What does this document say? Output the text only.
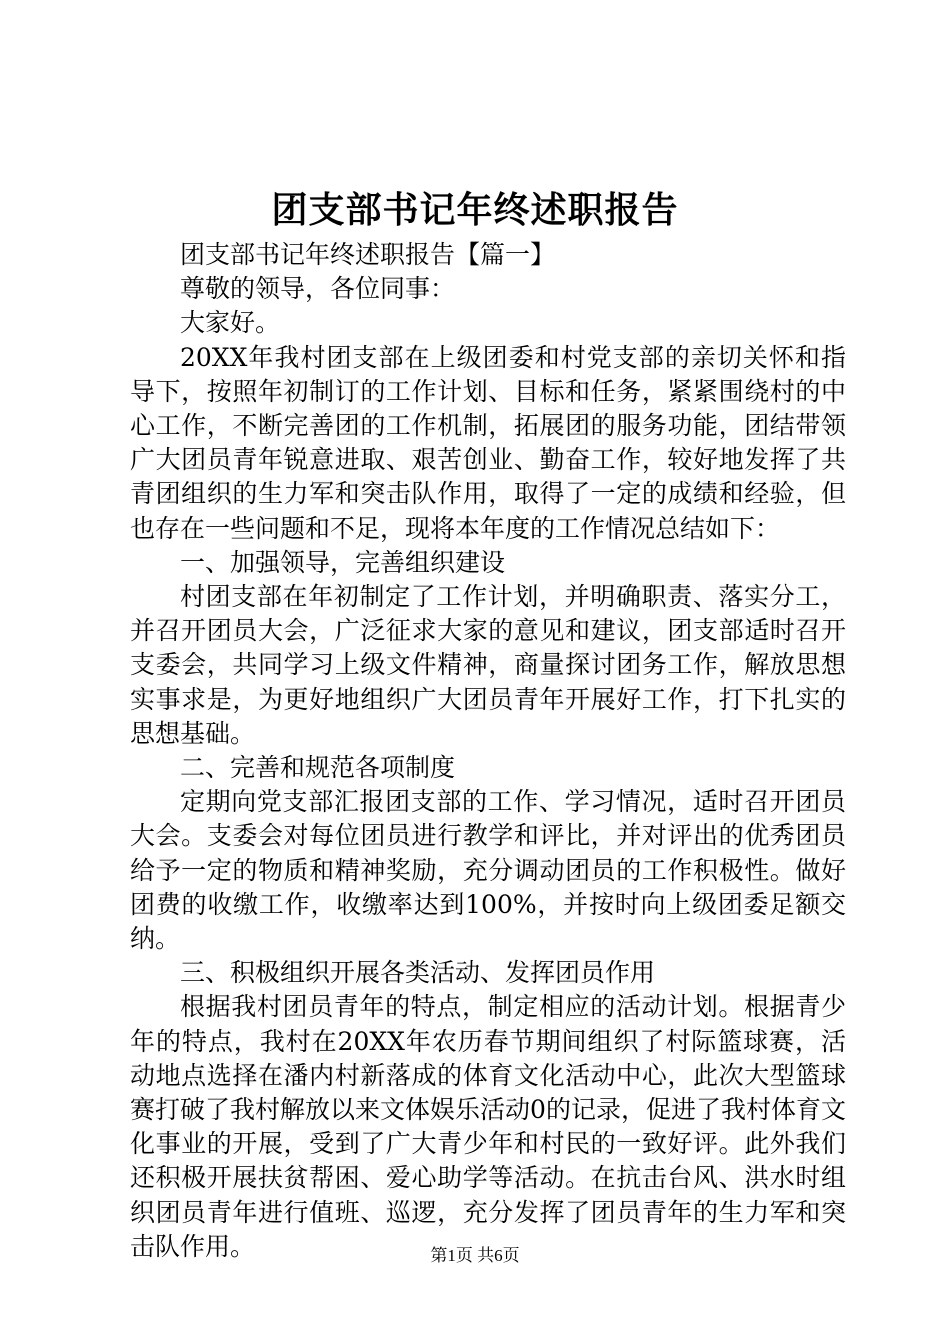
团支部书记年终述职报告

团支部书记年终述职报告【篇一】

尊敬的领导，各位同事：

大家好。

20XX年我村团支部在上级团委和村党支部的亲切关怀和指导下，按照年初制订的工作计划、目标和任务，紧紧围绕村的中心工作，不断完善团的工作机制，拓展团的服务功能，团结带领广大团员青年锐意进取、艰苦创业、勤奋工作，较好地发挥了共青团组织的生力军和突击队作用，取得了一定的成绩和经验，但也存在一些问题和不足，现将本年度的工作情况总结如下：

一、加强领导，完善组织建设

村团支部在年初制定了工作计划，并明确职责、落实分工，并召开团员大会，广泛征求大家的意见和建议，团支部适时召开支委会，共同学习上级文件精神，商量探讨团务工作，解放思想实事求是，为更好地组织广大团员青年开展好工作，打下扎实的思想基础。

二、完善和规范各项制度

定期向党支部汇报团支部的工作、学习情况，适时召开团员大会。支委会对每位团员进行教学和评比，并对评出的优秀团员给予一定的物质和精神奖励，充分调动团员的工作积极性。做好团费的收缴工作，收缴率达到100%，并按时向上级团委足额交纳。

三、积极组织开展各类活动、发挥团员作用

根据我村团员青年的特点，制定相应的活动计划。根据青少年的特点，我村在20XX年农历春节期间组织了村际篮球赛，活动地点选择在潘内村新落成的体育文化活动中心，此次大型篮球赛打破了我村解放以来文体娱乐活动0的记录，促进了我村体育文化事业的开展，受到了广大青少年和村民的一致好评。此外我们还积极开展扶贫帮困、爱心助学等活动。在抗击台风、洪水时组织团员青年进行值班、巡逻，充分发挥了团员青年的生力军和突击队作用。	第1页 共6页
